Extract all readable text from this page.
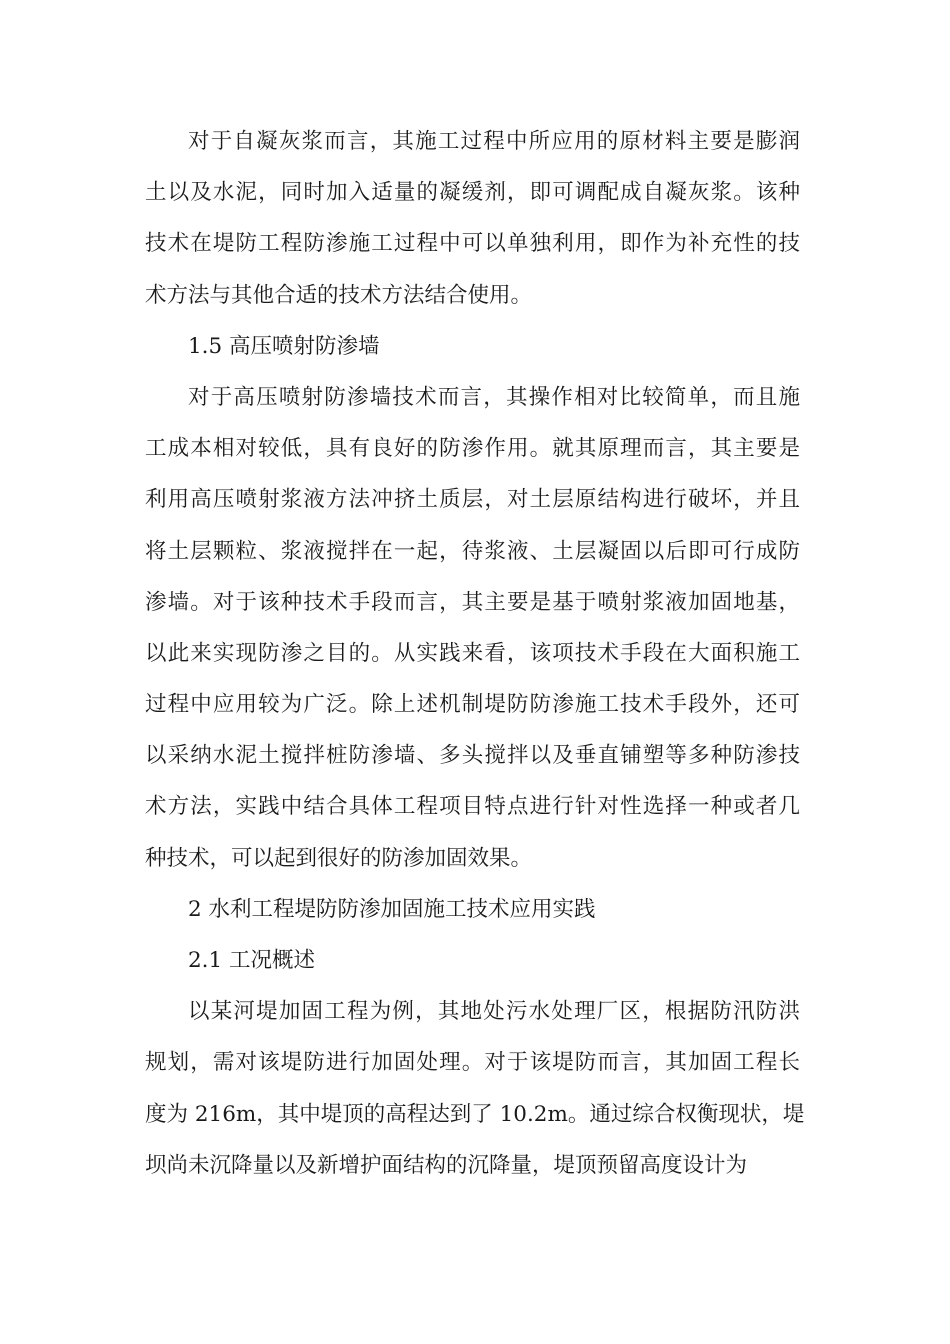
对于自凝灰浆而言，其施工过程中所应用的原材料主要是膨润
土以及水泥，同时加入适量的凝缓剂，即可调配成自凝灰浆。该种
技术在堤防工程防渗施工过程中可以单独利用，即作为补充性的技
术方法与其他合适的技术方法结合使用。
1.5 高压喷射防渗墙
对于高压喷射防渗墙技术而言，其操作相对比较简单，而且施
工成本相对较低，具有良好的防渗作用。就其原理而言，其主要是
利用高压喷射浆液方法冲挤土质层，对土层原结构进行破坏，并且
将土层颗粒、浆液搅拌在一起，待浆液、土层凝固以后即可行成防
渗墙。对于该种技术手段而言，其主要是基于喷射浆液加固地基，
以此来实现防渗之目的。从实践来看，该项技术手段在大面积施工
过程中应用较为广泛。除上述机制堤防防渗施工技术手段外，还可
以采纳水泥土搅拌桩防渗墙、多头搅拌以及垂直铺塑等多种防渗技
术方法，实践中结合具体工程项目特点进行针对性选择一种或者几
种技术，可以起到很好的防渗加固效果。
2 水利工程堤防防渗加固施工技术应用实践
2.1 工况概述
以某河堤加固工程为例，其地处污水处理厂区，根据防汛防洪
规划，需对该堤防进行加固处理。对于该堤防而言，其加固工程长
度为 216m，其中堤顶的高程达到了 10.2m。通过综合权衡现状，堤
坝尚未沉降量以及新增护面结构的沉降量，堤顶预留高度设计为
